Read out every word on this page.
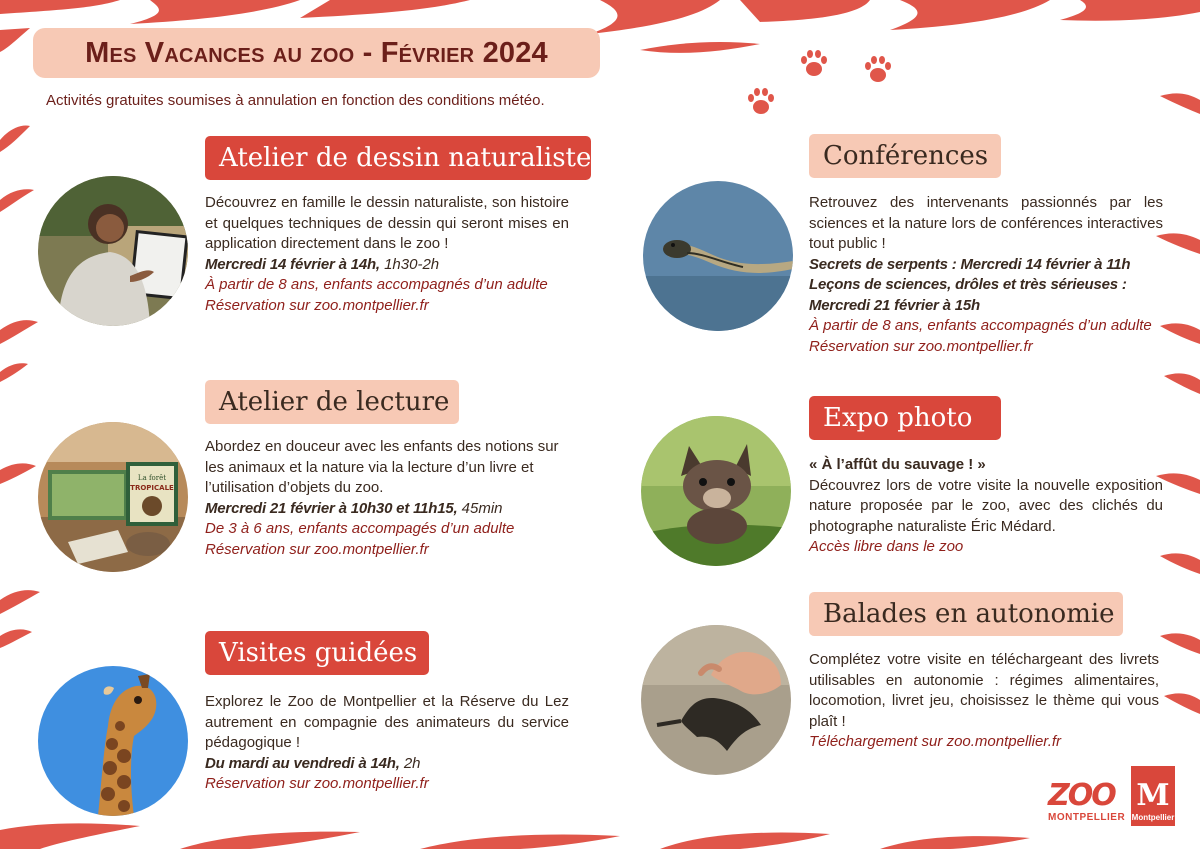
Mes Vacances au zoo - Février 2024
Activités gratuites soumises à annulation en fonction des conditions météo.
Atelier de dessin naturaliste

Découvrez en famille le dessin naturaliste, son histoire et quelques techniques de dessin qui seront mises en application directement dans le zoo !

Mercredi 14 février à 14h, 1h30-2h

À partir de 8 ans, enfants accompagnés d’un adulte

Réservation sur zoo.montpellier.fr

Atelier de lecture
La forêt
TROPICALE

Abordez en douceur avec les enfants des notions sur les animaux et la nature via la lecture d’un livre et l’utilisation d’objets du zoo.

Mercredi 21 février à 10h30 et 11h15, 45min

De 3 à 6 ans, enfants accompagés d’un adulte

Réservation sur zoo.montpellier.fr

Visites guidées

Explorez le Zoo de Montpellier et la Réserve du Lez autrement en compagnie des animateurs du service pédagogique !

Du mardi au vendredi à 14h, 2h

Réservation sur zoo.montpellier.fr

Conférences

Retrouvez des intervenants passionnés par les sciences et la nature lors de conférences interactives tout public !

Secrets de serpents : Mercredi 14 février à 11h

Leçons de sciences, drôles et très sérieuses :

Mercredi 21 février à 15h

À partir de 8 ans, enfants accompagnés d’un adulte

Réservation sur zoo.montpellier.fr

Expo photo

« À l’affût du sauvage ! »

Découvrez lors de votre visite la nouvelle exposition nature proposée par le zoo, avec des clichés du photographe naturaliste Éric Médard.

Accès libre dans le zoo

Balades en autonomie

Complétez votre visite en téléchargeant des livrets utilisables en autonomie : régimes alimentaires, locomotion, livret jeu, choisissez le thème qui vous plaît !

Téléchargement sur zoo.montpellier.fr

ZOO
MONTPELLIER
M
Montpellier
